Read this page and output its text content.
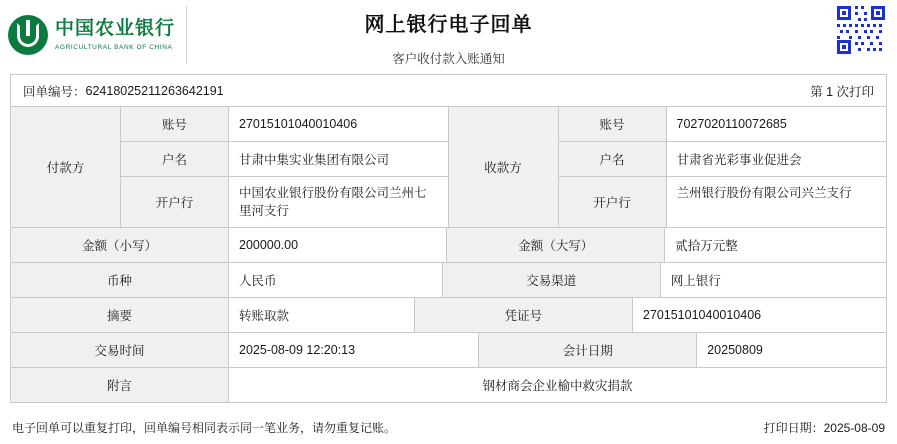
中国农业银行
AGRICULTURAL BANK OF CHINA
网上银行电子回单
客户收付款入账通知
回单编号： 62418025211263642191	第 1 次打印
付款方
账号	27015101040010406
户名	甘肃中集实业集团有限公司
开户行
中国农业银行股份有限公司兰州七里河支行
收款方
账号	7027020110072685
户名	甘肃省光彩事业促进会
开户行
兰州银行股份有限公司兴兰支行
金额（小写）	200000.00	金额（大写）	贰拾万元整
币种	人民币	交易渠道	网上银行
摘要	转账取款	凭证号	27015101040010406
交易时间	2025-08-09 12:20:13	会计日期	20250809
附言	钢材商会企业榆中救灾捐款
电子回单可以重复打印，回单编号相同表示同一笔业务，请勿重复记账。	打印日期：2025-08-09
